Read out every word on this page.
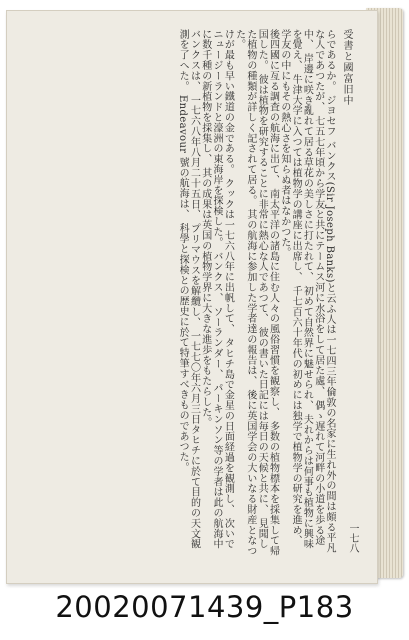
受書と國富旧中

らであるか。 ジヨセフ バンクス(Sir Joseph Banks)と云ふ人は一七四三年倫敦の名家に生れ外の間は頗る平凡な人であつたが、 七五七年頃から学友と共にテームス河に水浴をして居た處、 偶ゝ遅れて河畔の小道を歩る途中、 岸邊に咲き亂れて居る草花の美しさに打たれて、 初めて自然界に魅せられ、 夫れからは何事も植物に興味を覺え、 牛津大学に入つては植物学の講座に出席し、 千七百六十年代の初めには独学で植物学の研究を進め、 学友の中にもその熱心さを知らぬ者はなかつた。

後四國に亙る調査の航海に出て、 南太平洋の諸島に住む人々の風俗習慣を観察し、 多数の植物標本を採集して帰国した。 彼は植物を研究することに非常に熱心な人であつて、 彼の書いた日記には毎日の天候と共に、 見聞した植物の種類が詳しく記されて居る。 其の航海に参加した学者達の報告は、 後に英国学会の大いなる財産となつた。

けが最も早い鐵道の金である。 クックは一七六八年に出帆して、 タヒチ島で金星の日面経過を観測し、 次いでニュージーランドと濠洲の東海岸を探検した。 バンクス、 ソーランダー、 パーキンソン等の学者は此の航海中に数千種の新植物を採集し、 其の成果は英国の植物学界に大きな進歩をもたらした。

バンクスは、 一七六八年八月二十五日、 プリマウスを解纜し、 一七七〇年六月三日タヒチに於て目的の天文観測を了へた。 Endeavour 號の航海は、 科學と探検との歴史に於て特筆すべきものであつた。

一七八
20020071439_P183
